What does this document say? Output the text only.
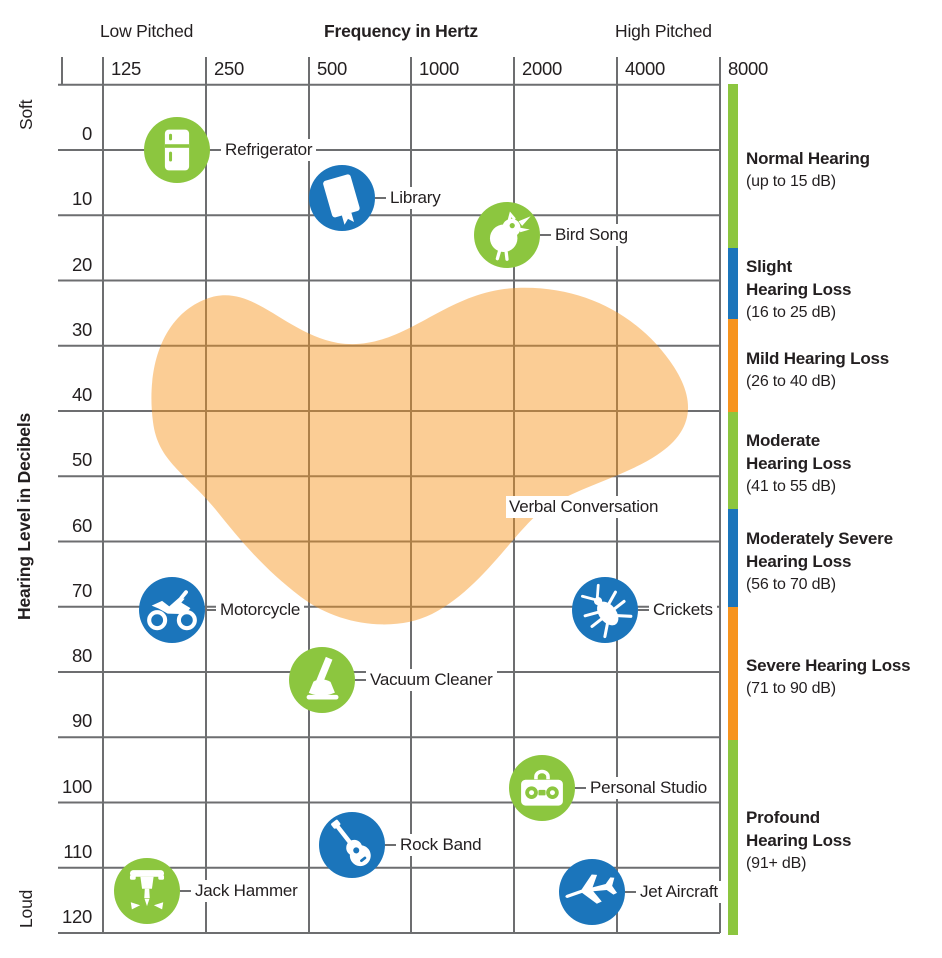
Low Pitched	Frequency in Hertz	High Pitched
Soft
Hearing Level in Decibels
Loud
125	250	500	1000	2000	4000	8000
0
10
20
30
40
50
60
70
80
90
100
110
120
Verbal Conversation
Refrigerator
Library
Bird Song
Motorcycle
Vacuum Cleaner
Crickets
Personal Studio
Rock Band
Jack Hammer	Jet Aircraft
Normal Hearing
(up to 15 dB)
Slight
Hearing Loss
(16 to 25 dB)
Mild Hearing Loss
(26 to 40 dB)
Moderate
Hearing Loss
(41 to 55 dB)
Moderately Severe
Hearing Loss
(56 to 70 dB)
Severe Hearing Loss
(71 to 90 dB)
Profound
Hearing Loss
(91+ dB)
